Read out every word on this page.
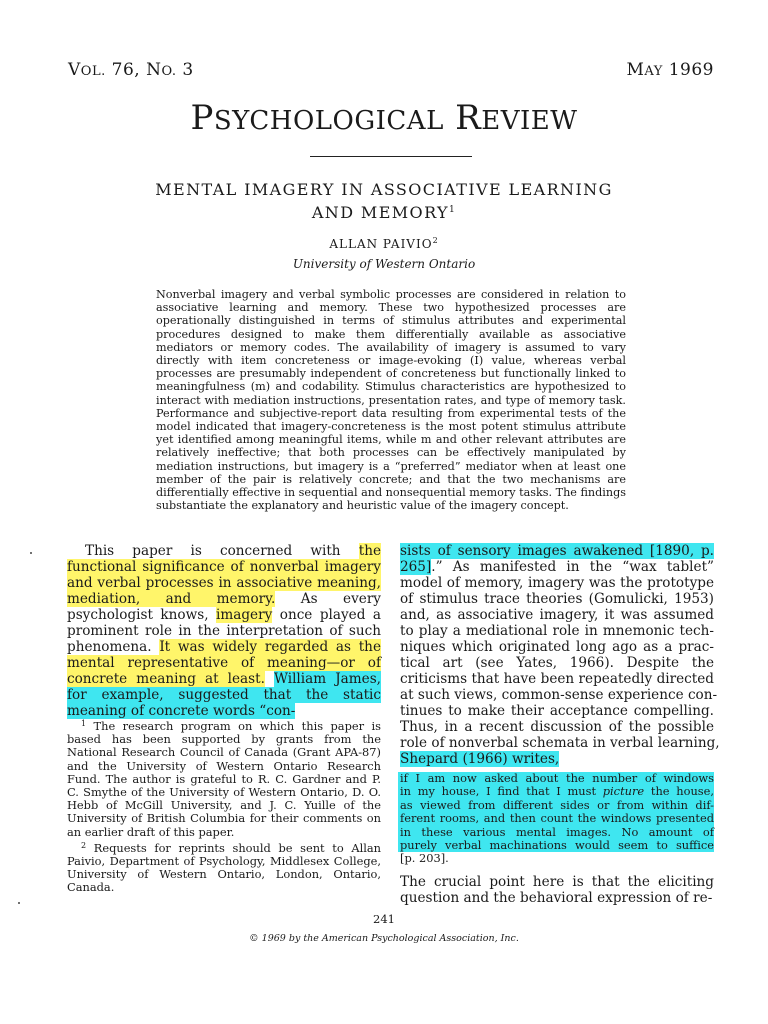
VOL. 76, NO. 3	MAY 1969
PSYCHOLOGICAL REVIEW
MENTAL IMAGERY IN ASSOCIATIVE LEARNING
AND MEMORY$^1$
ALLAN PAIVIO$^2$
University of Western Ontario
Nonverbal imagery and verbal symbolic processes are considered in relation to associative learning and memory. These two hypothesized processes are operationally distinguished in terms of stimulus attributes and experimental procedures designed to make them differentially available as associative mediators or memory codes. The availability of imagery is assumed to vary directly with item concreteness or image-evoking (I) value, whereas verbal processes are presumably independent of concreteness but functionally linked to meaningfulness (m) and codability. Stimulus characteristics are hypothesized to interact with mediation instructions, presentation rates, and type of memory task. Performance and subjective-report data resulting from experimental tests of the model indicated that imagery-concreteness is the most potent stimulus attribute yet identified among meaningful items, while m and other relevant attributes are relatively ineffective; that both processes can be effectively manipulated by mediation instructions, but imagery is a “preferred” mediator when at least one member of the pair is relatively concrete; and that the two mechanisms are differentially effective in sequential and nonsequential memory tasks. The findings substantiate the explanatory and heuristic value of the imagery concept.

This paper is concerned with the functional significance of nonverbal imagery and verbal processes in associative meaning, mediation, and memory. As every psychologist knows, imagery once played a prominent role in the interpretation of such phenomena. It was widely regarded as the mental representative of meaning—or of concrete meaning at least. William James, for example, suggested that the static meaning of concrete words “con-

$^1$ The research program on which this paper is based has been supported by grants from the National Research Council of Canada (Grant APA-87) and the University of Western Ontario Research Fund. The author is grateful to R. C. Gardner and P. C. Smythe of the University of Western Ontario, D. O. Hebb of McGill University, and J. C. Yuille of the University of British Columbia for their comments on an earlier draft of this paper.

$^2$ Requests for reprints should be sent to Allan Paivio, Department of Psychology, Middlesex College, University of Western Ontario, London, Ontario, Canada.

sists of sensory images awakened [1890, p.
265].” As manifested in the “wax tablet”
model of memory, imagery was the prototype
of stimulus trace theories (Gomulicki, 1953)
and, as associative imagery, it was assumed
to play a mediational role in mnemonic tech-
niques which originated long ago as a prac-
tical art (see Yates, 1966). Despite the
criticisms that have been repeatedly directed
at such views, common-sense experience con-
tinues to make their acceptance compelling.
Thus, in a recent discussion of the possible
role of nonverbal schemata in verbal learning,
Shepard (1966) writes,
if I am now asked about the number of windows
in my house, I find that I must picture the house,
as viewed from different sides or from within dif-
ferent rooms, and then count the windows presented
in these various mental images. No amount of
purely verbal machinations would seem to suffice
[p. 203].
The crucial point here is that the eliciting
question and the behavioral expression of re-
241
© 1969 by the American Psychological Association, Inc.
